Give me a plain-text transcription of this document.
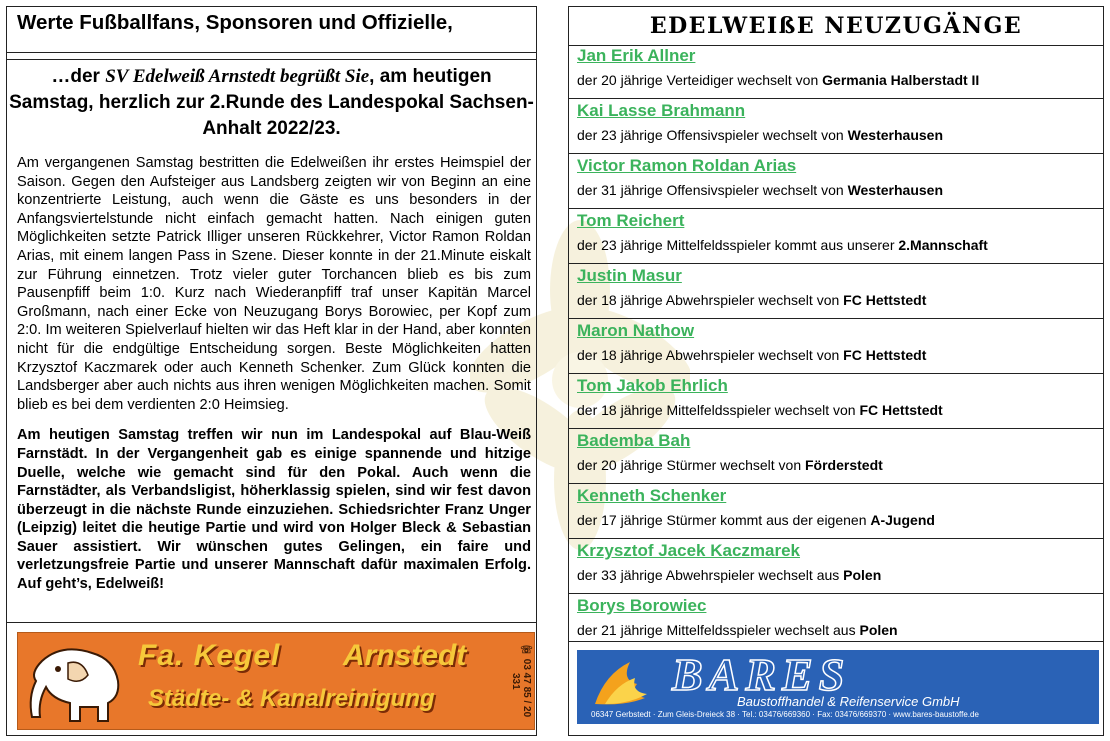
Werte Fußballfans, Sponsoren und Offizielle,
…der SV Edelweiß Arnstedt begrüßt Sie, am heutigen Samstag, herzlich zur 2.Runde des Landespokal Sachsen-Anhalt 2022/23.

Am vergangenen Samstag bestritten die Edelweißen ihr erstes Heimspiel der Saison. Gegen den Aufsteiger aus Landsberg zeigten wir von Beginn an eine konzentrierte Leistung, auch wenn die Gäste es uns besonders in der Anfangsviertelstunde nicht einfach gemacht hatten. Nach einigen guten Möglichkeiten setzte Patrick Illiger unseren Rückkehrer, Victor Ramon Roldan Arias, mit einem langen Pass in Szene. Dieser konnte in der 21.Minute eiskalt zur Führung einnetzen. Trotz vieler guter Torchancen blieb es bis zum Pausenpfiff beim 1:0. Kurz nach Wiederanpfiff traf unser Kapitän Marcel Großmann, nach einer Ecke von Neuzugang Borys Borowiec, per Kopf zum 2:0. Im weiteren Spielverlauf hielten wir das Heft klar in der Hand, aber konnten nicht für die endgültige Entscheidung sorgen. Beste Möglichkeiten hatten Krzysztof Kaczmarek oder auch Kenneth Schenker. Zum Glück konnten die Landsberger aber auch nichts aus ihren wenigen Möglichkeiten machen. Somit blieb es bei dem verdienten 2:0 Heimsieg.

Am heutigen Samstag treffen wir nun im Landespokal auf Blau-Weiß Farnstädt. In der Vergangenheit gab es einige spannende und hitzige Duelle, welche wie gemacht sind für den Pokal. Auch wenn die Farnstädter, als Verbandsligist, höherklassig spielen, sind wir fest davon überzeugt in die nächste Runde einzuziehen. Schiedsrichter Franz Unger (Leipzig) leitet die heutige Partie und wird von Holger Bleck & Sebastian Sauer assistiert. Wir wünschen gutes Gelingen, ein faire und verletzungsfreie Partie und unserer Mannschaft dafür maximalen Erfolg. Auf geht’s, Edelweiß!

Fa. Kegel Arnstedt
Städte- & Kanalreinigung	☏ 03 47 85 / 20 331
EDELWEIßE NEUZUGÄNGE
Jan Erik Allner
der 20 jährige Verteidiger wechselt von Germania Halberstadt II
Kai Lasse Brahmann
der 23 jährige Offensivspieler wechselt von Westerhausen
Victor Ramon Roldan Arias
der 31 jährige Offensivspieler wechselt von Westerhausen
Tom Reichert
der 23 jährige Mittelfeldsspieler kommt aus unserer 2.Mannschaft
Justin Masur
der 18 jährige Abwehrspieler wechselt von FC Hettstedt
Maron Nathow
der 18 jährige Abwehrspieler wechselt von FC Hettstedt
Tom Jakob Ehrlich
der 18 jährige Mittelfeldsspieler wechselt von FC Hettstedt
Bademba Bah
der 20 jährige Stürmer wechselt von Förderstedt
Kenneth Schenker
der 17 jährige Stürmer kommt aus der eigenen A-Jugend
Krzysztof Jacek Kaczmarek
der 33 jährige Abwehrspieler wechselt aus Polen
Borys Borowiec
der 21 jährige Mittelfeldsspieler wechselt aus Polen
BARES
Baustoffhandel & Reifenservice GmbH
06347 Gerbstedt · Zum Gleis-Dreieck 38 · Tel.: 03476/669360 · Fax: 03476/669370 · www.bares-baustoffe.de
